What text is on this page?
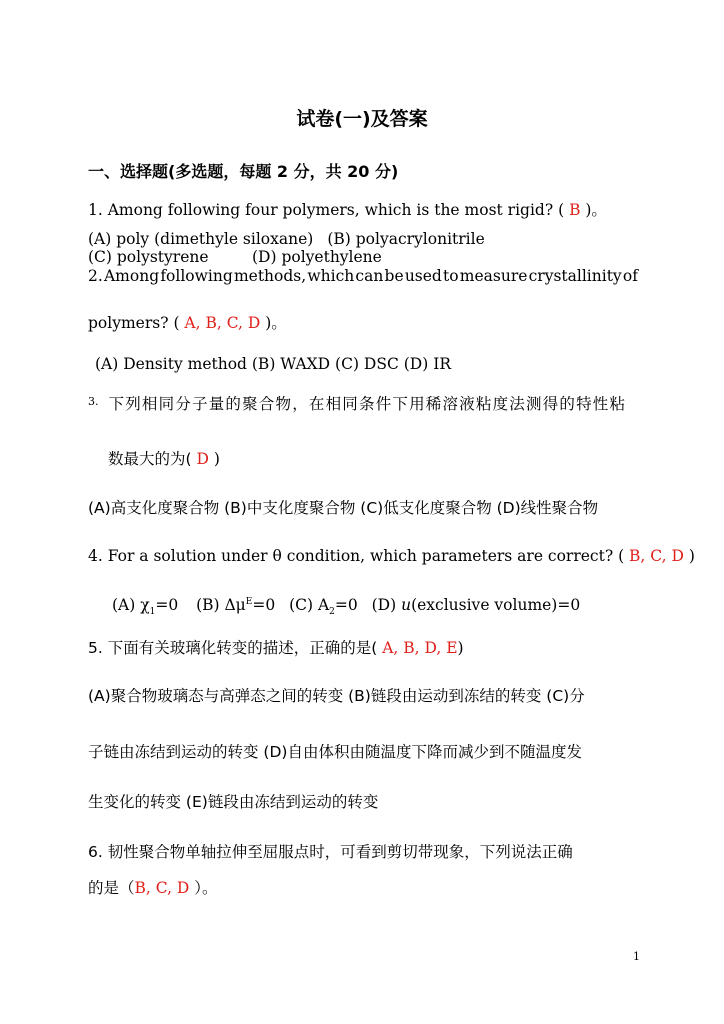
试卷(一)及答案
一、选择题(多选题，每题 2 分，共 20 分)
1. Among following four polymers, which is the most rigid? ( B )。
(A) poly (dimethyle siloxane) (B) polyacrylonitrile
(C) polystyrene	(D) polyethylene
2. Among following methods, which can be used to measure crystallinity of
polymers? ( A, B, C, D )。
(A) Density method (B) WAXD (C) DSC (D) IR
$^{3.}$ 下列相同分子量的聚合物，在相同条件下用稀溶液粘度法测得的特性粘
数最大的为( D )
(A)高支化度聚合物 (B)中支化度聚合物 (C)低支化度聚合物 (D)线性聚合物
4. For a solution under θ condition, which parameters are correct? ( B, C, D )
(A) $\chi_1=0$ (B) $\Delta\mu^E=0$ (C) $A_2=0$ (D) u(exclusive volume)=0
5. 下面有关玻璃化转变的描述，正确的是( A, B, D, E)
(A)聚合物玻璃态与高弹态之间的转变 (B)链段由运动到冻结的转变 (C)分
子链由冻结到运动的转变 (D)自由体积由随温度下降而减少到不随温度发
生变化的转变 (E)链段由冻结到运动的转变
6. 韧性聚合物单轴拉伸至屈服点时，可看到剪切带现象，下列说法正确
的是（B, C, D ）。
1
